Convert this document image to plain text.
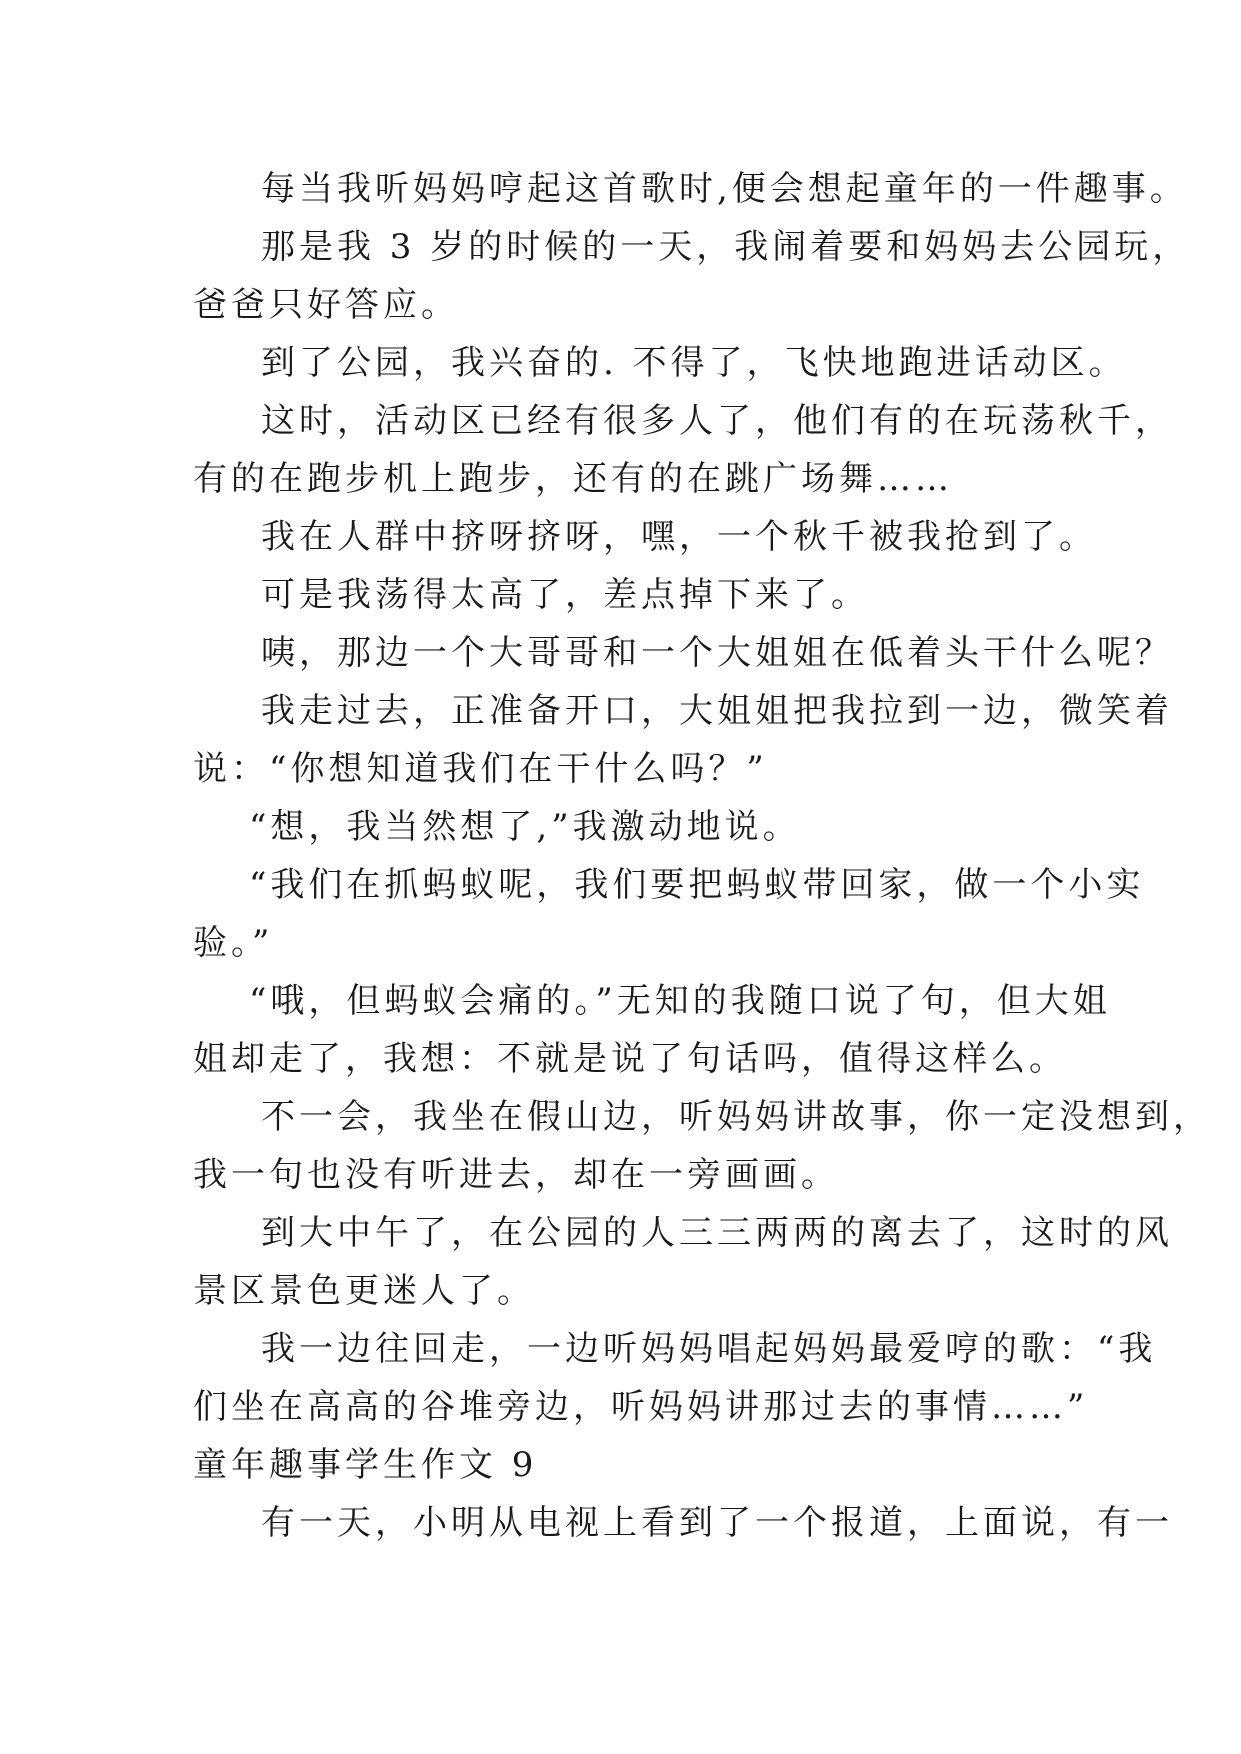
每当我听妈妈哼起这首歌时,便会想起童年的一件趣事。
那是我 3 岁的时候的一天，我闹着要和妈妈去公园玩，
爸爸只好答应。
到了公园，我兴奋的. 不得了，飞快地跑进话动区。
这时，活动区已经有很多人了，他们有的在玩荡秋千，
有的在跑步机上跑步，还有的在跳广场舞……
我在人群中挤呀挤呀，嘿，一个秋千被我抢到了。
可是我荡得太高了，差点掉下来了。
咦，那边一个大哥哥和一个大姐姐在低着头干什么呢？
我走过去，正准备开口，大姐姐把我拉到一边，微笑着
说：“你想知道我们在干什么吗？”
“想，我当然想了,”我激动地说。
“我们在抓蚂蚁呢，我们要把蚂蚁带回家，做一个小实
验。”
“哦，但蚂蚁会痛的。”无知的我随口说了句，但大姐
姐却走了，我想：不就是说了句话吗，值得这样么。
不一会，我坐在假山边，听妈妈讲故事，你一定没想到，
我一句也没有听进去，却在一旁画画。
到大中午了，在公园的人三三两两的离去了，这时的风
景区景色更迷人了。
我一边往回走，一边听妈妈唱起妈妈最爱哼的歌：“我
们坐在高高的谷堆旁边，听妈妈讲那过去的事情……”
童年趣事学生作文 9
有一天，小明从电视上看到了一个报道，上面说，有一
